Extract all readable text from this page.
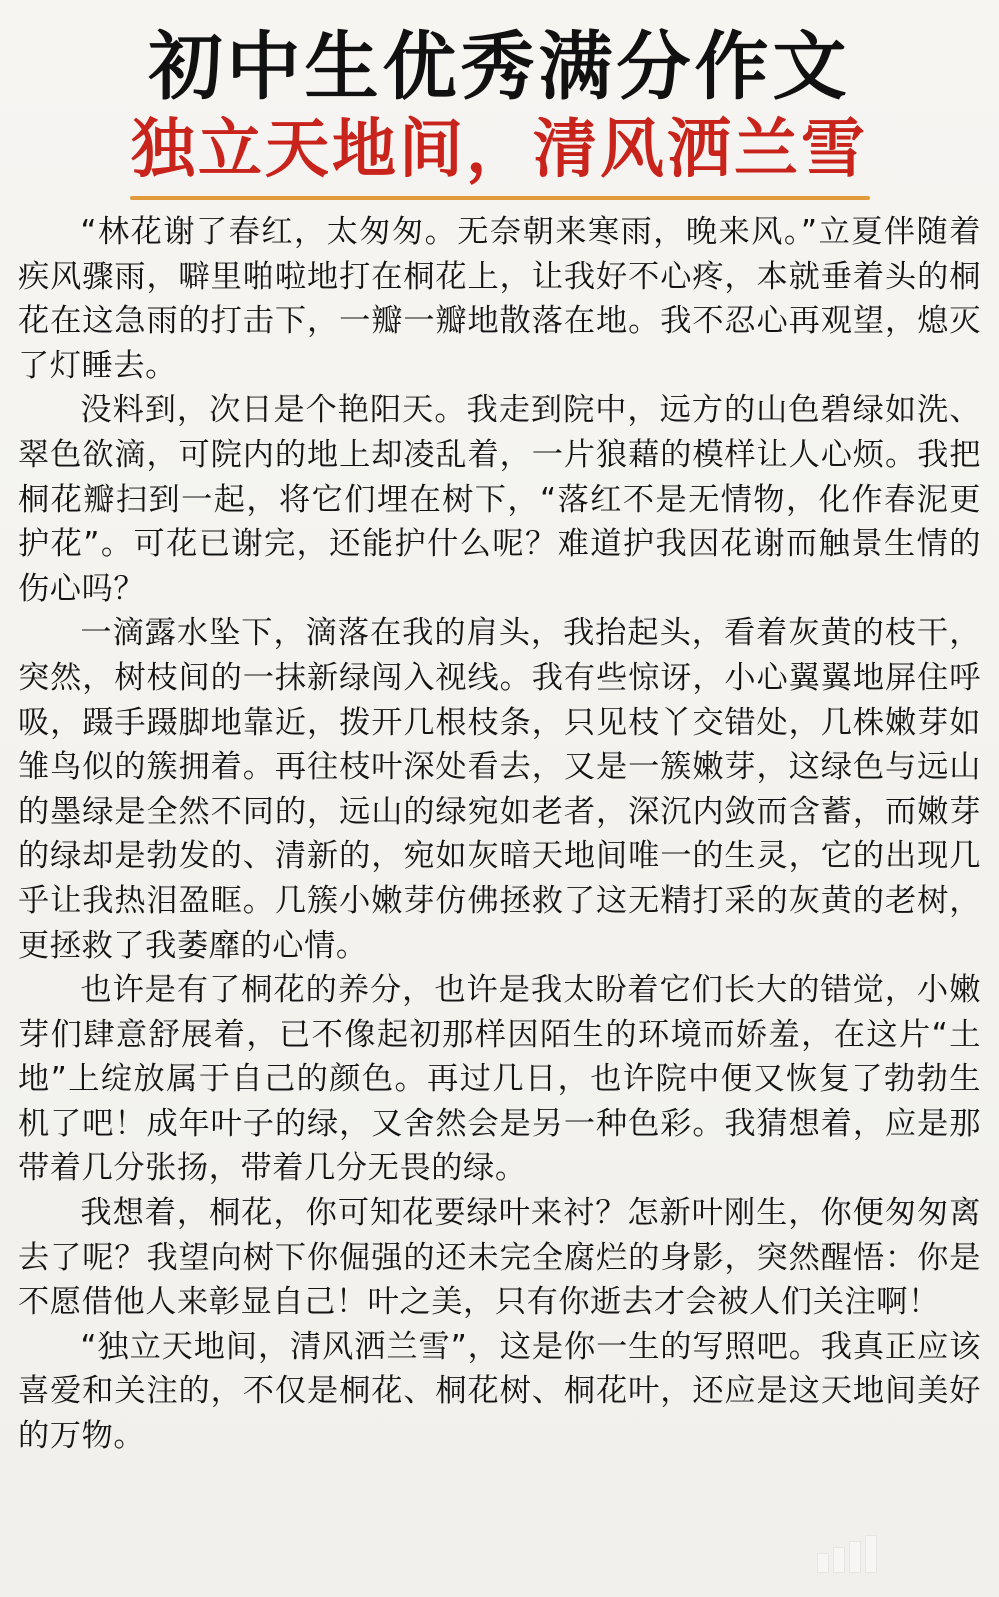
初中生优秀满分作文
独立天地间，清风洒兰雪

“林花谢了春红，太匆匆。无奈朝来寒雨，晚来风。”立夏伴随着疾风骤雨，噼里啪啦地打在桐花上，让我好不心疼，本就垂着头的桐花在这急雨的打击下，一瓣一瓣地散落在地。我不忍心再观望，熄灭了灯睡去。

没料到，次日是个艳阳天。我走到院中，远方的山色碧绿如洗、翠色欲滴，可院内的地上却凌乱着，一片狼藉的模样让人心烦。我把桐花瓣扫到一起，将它们埋在树下，“落红不是无情物，化作春泥更护花”。可花已谢完，还能护什么呢？难道护我因花谢而触景生情的伤心吗？

一滴露水坠下，滴落在我的肩头，我抬起头，看着灰黄的枝干，突然，树枝间的一抹新绿闯入视线。我有些惊讶，小心翼翼地屏住呼吸，蹑手蹑脚地靠近，拨开几根枝条，只见枝丫交错处，几株嫩芽如雏鸟似的簇拥着。再往枝叶深处看去，又是一簇嫩芽，这绿色与远山的墨绿是全然不同的，远山的绿宛如老者，深沉内敛而含蓄，而嫩芽的绿却是勃发的、清新的，宛如灰暗天地间唯一的生灵，它的出现几乎让我热泪盈眶。几簇小嫩芽仿佛拯救了这无精打采的灰黄的老树，更拯救了我萎靡的心情。

也许是有了桐花的养分，也许是我太盼着它们长大的错觉，小嫩芽们肆意舒展着，已不像起初那样因陌生的环境而娇羞，在这片“土地”上绽放属于自己的颜色。再过几日，也许院中便又恢复了勃勃生机了吧！成年叶子的绿，又舍然会是另一种色彩。我猜想着，应是那带着几分张扬，带着几分无畏的绿。

我想着，桐花，你可知花要绿叶来衬？怎新叶刚生，你便匆匆离去了呢？我望向树下你倔强的还未完全腐烂的身影，突然醒悟：你是不愿借他人来彰显自己！叶之美，只有你逝去才会被人们关注啊！

“独立天地间，清风洒兰雪”，这是你一生的写照吧。我真正应该喜爱和关注的，不仅是桐花、桐花树、桐花叶，还应是这天地间美好的万物。
